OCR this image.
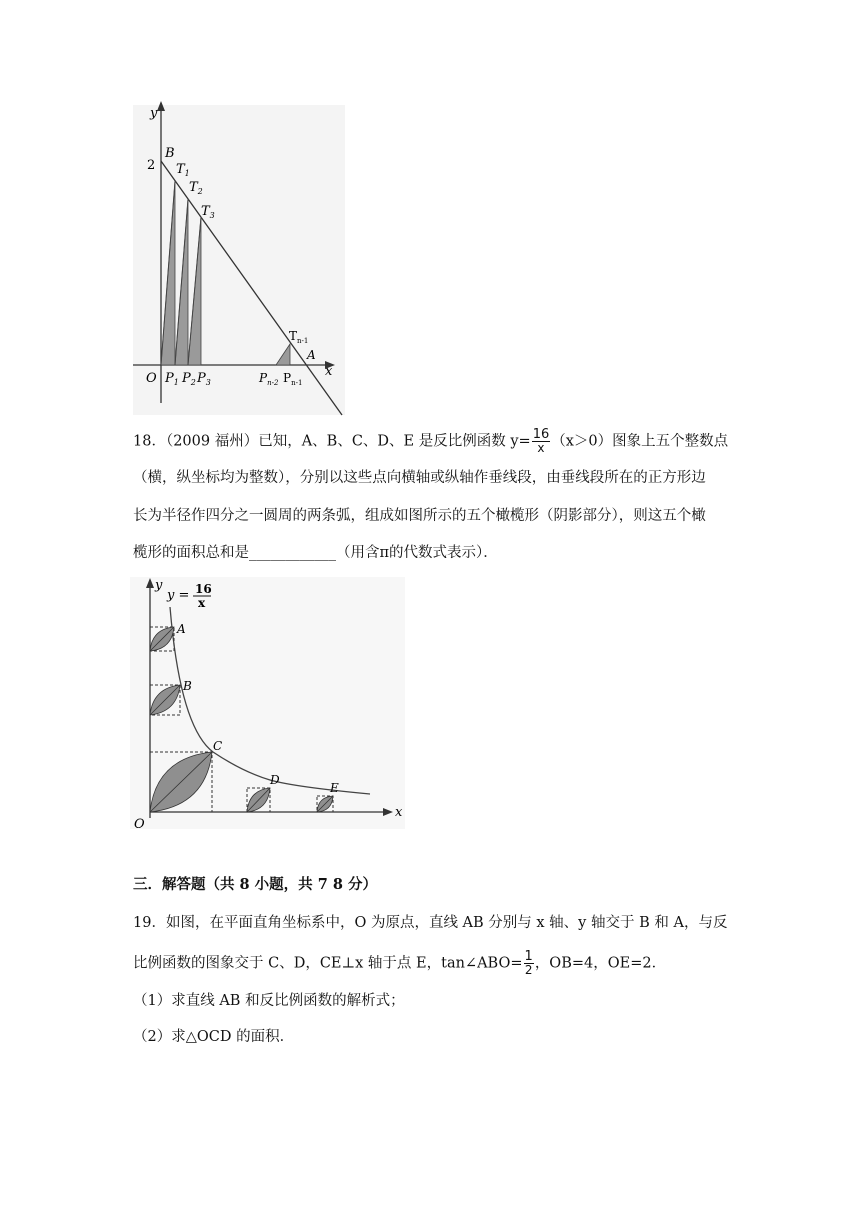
y
x
B
2
O
A
$T_1$
$T_2$
$T_3$
$T_{n-1}$
$P_1$ $P_2$ $P_3$	$P_{n-2}$ $P_{n-1}$
18．（2009 福州）已知，A、B、C、D、E 是反比例函数 $y= \frac{16}{x} (x>0)$图象上五个整数点
（横，纵坐标均为整数），分别以这些点向横轴或纵轴作垂线段，由垂线段所在的正方形边
长为半径作四分之一圆周的两条弧，组成如图所示的五个橄榄形（阴影部分），则这五个橄
榄形的面积总和是____________（用含π的代数式表示）．
y
x
O
A
B
C
D
E
y = 16
x
三．解答题（共 8 小题，共 7 8 分）
19．如图，在平面直角坐标系中，O 为原点，直线 AB 分别与 x 轴、y 轴交于 B 和 A，与反
比例函数的图象交于 C、D，CE⊥x 轴于点 E，tan∠ABO= $\frac{1}{2}$ ，OB=4，OE=2．
（1）求直线 AB 和反比例函数的解析式；
（2）求△OCD 的面积．
